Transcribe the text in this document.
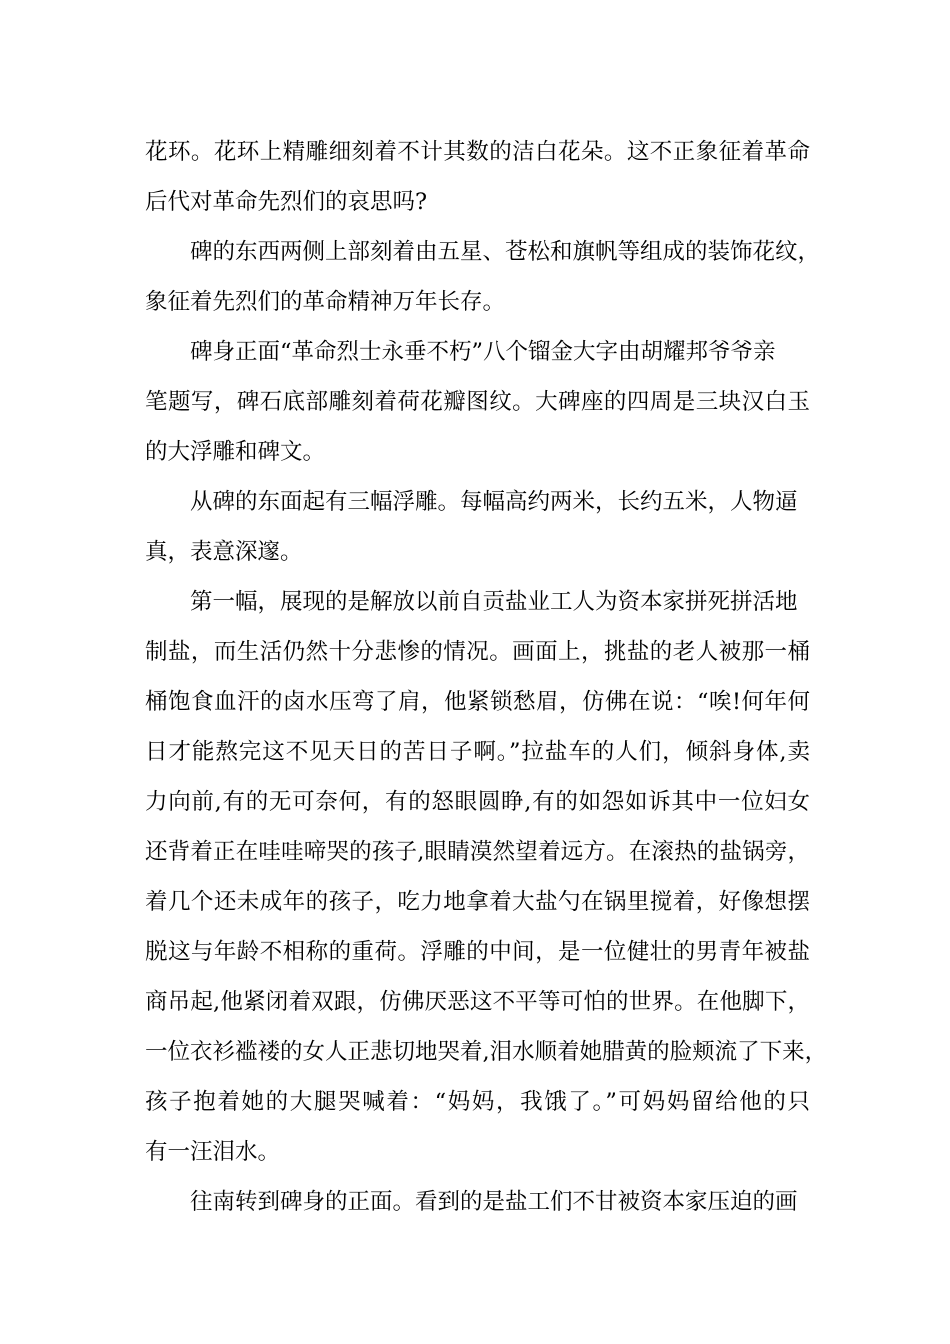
花环。花环上精雕细刻着不计其数的洁白花朵。这不正象征着革命
后代对革命先烈们的哀思吗?
碑的东西两侧上部刻着由五星、苍松和旗帆等组成的装饰花纹，
象征着先烈们的革命精神万年长存。
碑身正面“革命烈士永垂不朽”八个镏金大字由胡耀邦爷爷亲
笔题写，碑石底部雕刻着荷花瓣图纹。大碑座的四周是三块汉白玉
的大浮雕和碑文。
从碑的东面起有三幅浮雕。每幅高约两米，长约五米，人物逼
真，表意深邃。
第一幅，展现的是解放以前自贡盐业工人为资本家拼死拼活地
制盐，而生活仍然十分悲惨的情况。画面上，挑盐的老人被那一桶
桶饱食血汗的卤水压弯了肩，他紧锁愁眉，仿佛在说：“唉!何年何
日才能熬完这不见天日的苦日子啊。”拉盐车的人们，倾斜身体,卖
力向前,有的无可奈何，有的怒眼圆睁,有的如怨如诉其中一位妇女
还背着正在哇哇啼哭的孩子,眼睛漠然望着远方。在滚热的盐锅旁，
着几个还未成年的孩子，吃力地拿着大盐勺在锅里搅着，好像想摆
脱这与年龄不相称的重荷。浮雕的中间，是一位健壮的男青年被盐
商吊起,他紧闭着双跟，仿佛厌恶这不平等可怕的世界。在他脚下，
一位衣衫褴褛的女人正悲切地哭着,泪水顺着她腊黄的脸颊流了下来，
孩子抱着她的大腿哭喊着：“妈妈，我饿了。”可妈妈留给他的只
有一汪泪水。
往南转到碑身的正面。看到的是盐工们不甘被资本家压迫的画
